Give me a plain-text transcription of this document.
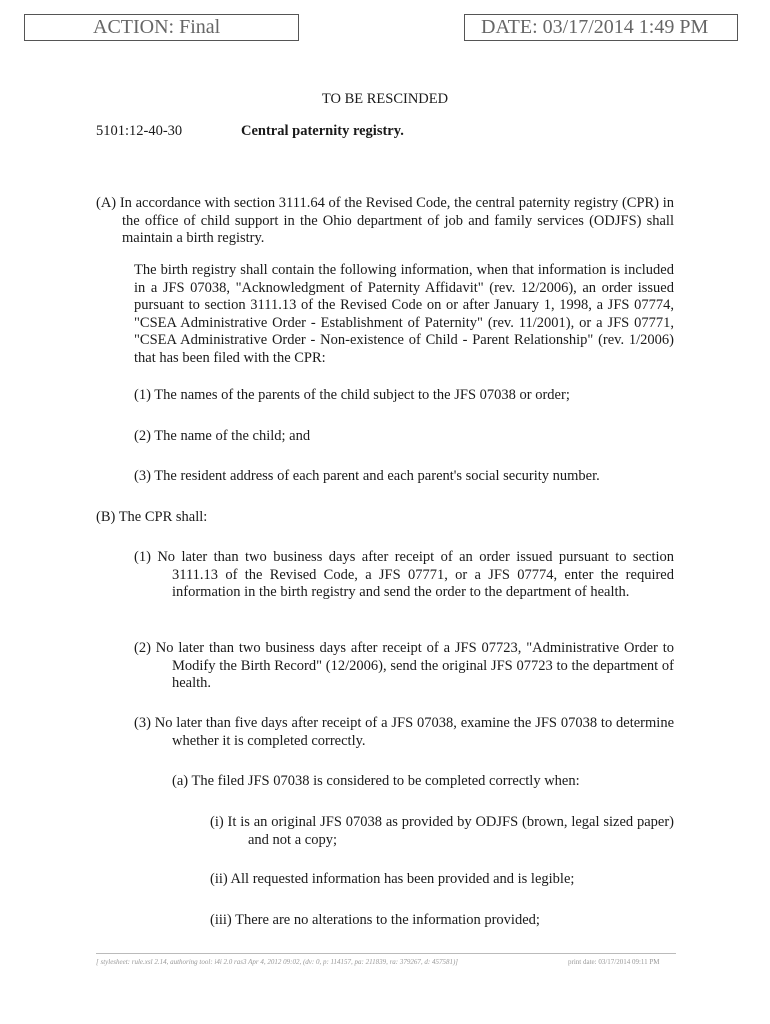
ACTION: Final	DATE: 03/17/2014 1:49 PM
TO BE RESCINDED
5101:12-40-30	Central paternity registry.

(A) In accordance with section 3111.64 of the Revised Code, the central paternity registry (CPR) in the office of child support in the Ohio department of job and family services (ODJFS) shall maintain a birth registry.

The birth registry shall contain the following information, when that information is included in a JFS 07038, "Acknowledgment of Paternity Affidavit" (rev. 12/2006), an order issued pursuant to section 3111.13 of the Revised Code on or after January 1, 1998, a JFS 07774, "CSEA Administrative Order - Establishment of Paternity" (rev. 11/2001), or a JFS 07771, "CSEA Administrative Order - Non-existence of Child - Parent Relationship" (rev. 1/2006) that has been filed with the CPR:

(1) The names of the parents of the child subject to the JFS 07038 or order;

(2) The name of the child; and

(3) The resident address of each parent and each parent's social security number.

(B) The CPR shall:

(1) No later than two business days after receipt of an order issued pursuant to section 3111.13 of the Revised Code, a JFS 07771, or a JFS 07774, enter the required information in the birth registry and send the order to the department of health.

(2) No later than two business days after receipt of a JFS 07723, "Administrative Order to Modify the Birth Record" (12/2006), send the original JFS 07723 to the department of health.

(3) No later than five days after receipt of a JFS 07038, examine the JFS 07038 to determine whether it is completed correctly.

(a) The filed JFS 07038 is considered to be completed correctly when:

(i) It is an original JFS 07038 as provided by ODJFS (brown, legal sized paper) and not a copy;

(ii) All requested information has been provided and is legible;

(iii) There are no alterations to the information provided;

[ stylesheet: rule.xsl 2.14, authoring tool: i4i 2.0 ras3 Apr 4, 2012 09:02, (dv: 0, p: 114157, pa: 211839, ra: 379267, d: 457581)]	print date: 03/17/2014 09:11 PM
